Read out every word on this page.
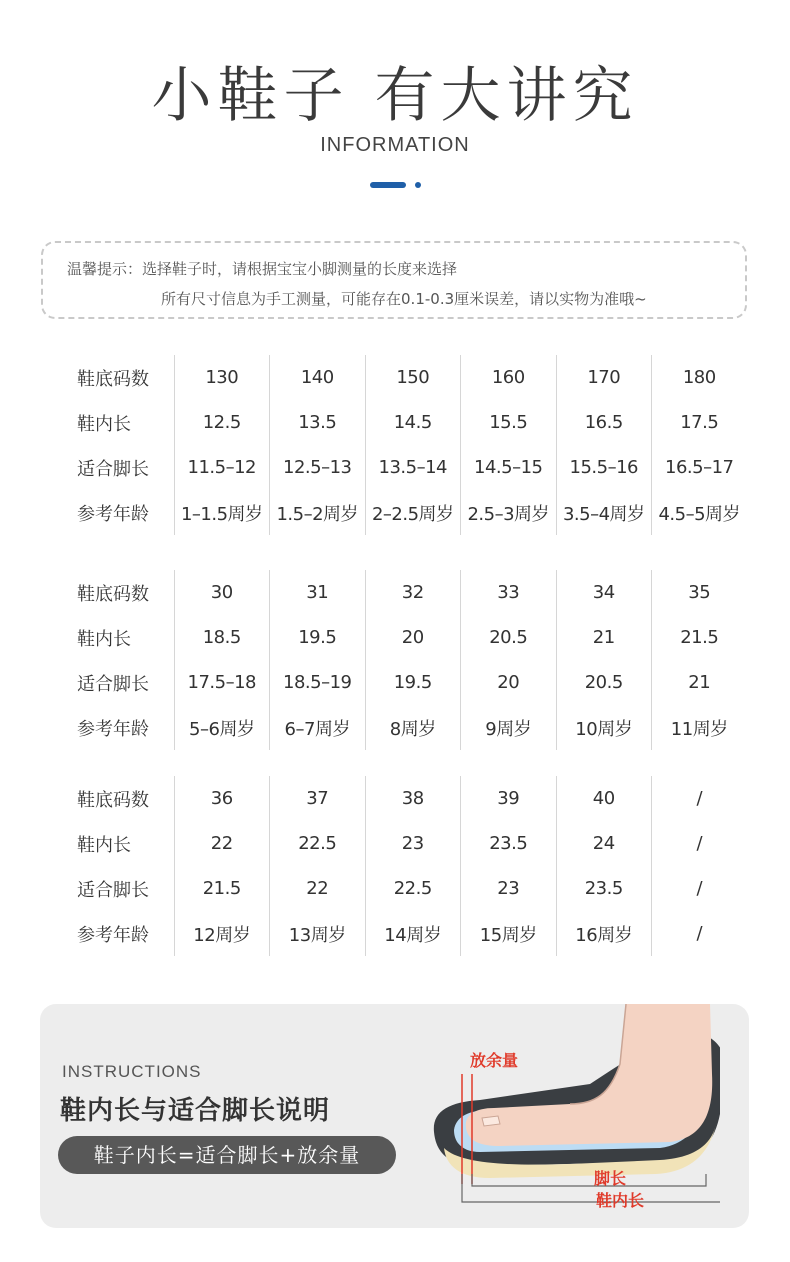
小鞋子 有大讲究
INFORMATION
温馨提示：选择鞋子时，请根据宝宝小脚测量的长度来选择
所有尺寸信息为手工测量，可能存在0.1-0.3厘米误差，请以实物为准哦~
鞋底码数	130	140	150	160	170	180
鞋内长	12.5	13.5	14.5	15.5	16.5	17.5
适合脚长	11.5–12	12.5–13	13.5–14	14.5–15	15.5–16	16.5–17
参考年龄	1–1.5周岁	1.5–2周岁	2–2.5周岁	2.5–3周岁	3.5–4周岁	4.5–5周岁
鞋底码数	30	31	32	33	34	35
鞋内长	18.5	19.5	20	20.5	21	21.5
适合脚长	17.5–18	18.5–19	19.5	20	20.5	21
参考年龄	5–6周岁	6–7周岁	8周岁	9周岁	10周岁	11周岁
鞋底码数	36	37	38	39	40	/
鞋内长	22	22.5	23	23.5	24	/
适合脚长	21.5	22	22.5	23	23.5	/
参考年龄	12周岁	13周岁	14周岁	15周岁	16周岁	/
INSTRUCTIONS
鞋内长与适合脚长说明
鞋子内长=适合脚长+放余量
放余量
脚长
鞋内长
